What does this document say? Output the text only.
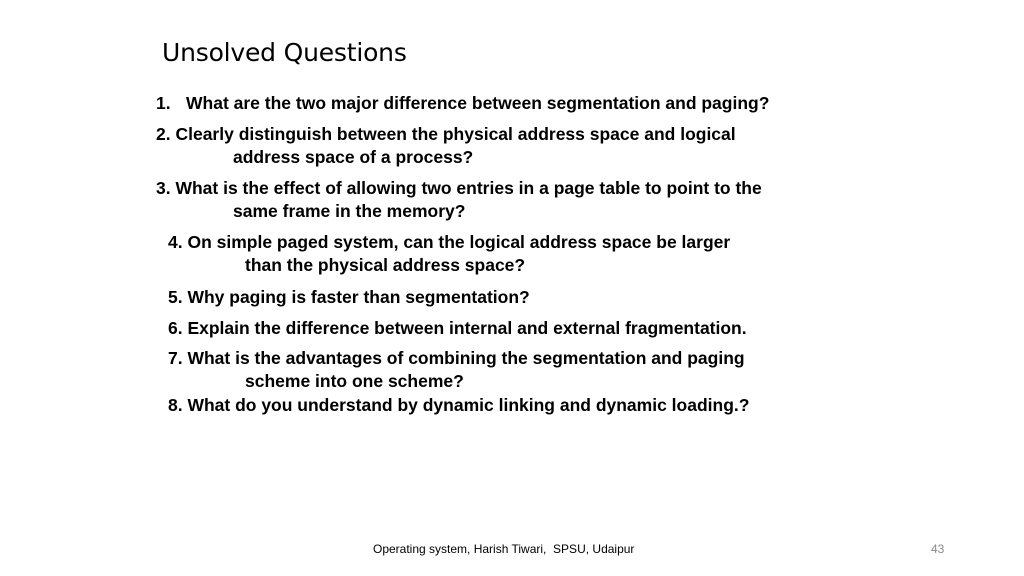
Unsolved Questions
1. What are the two major difference between segmentation and paging?
2. Clearly distinguish between the physical address space and logical
address space of a process?
3. What is the effect of allowing two entries in a page table to point to the
same frame in the memory?
4. On simple paged system, can the logical address space be larger
than the physical address space?
5. Why paging is faster than segmentation?
6. Explain the difference between internal and external fragmentation.
7. What is the advantages of combining the segmentation and paging
scheme into one scheme?
8. What do you understand by dynamic linking and dynamic loading.?
Operating system, Harish Tiwari,  SPSU, Udaipur	43
